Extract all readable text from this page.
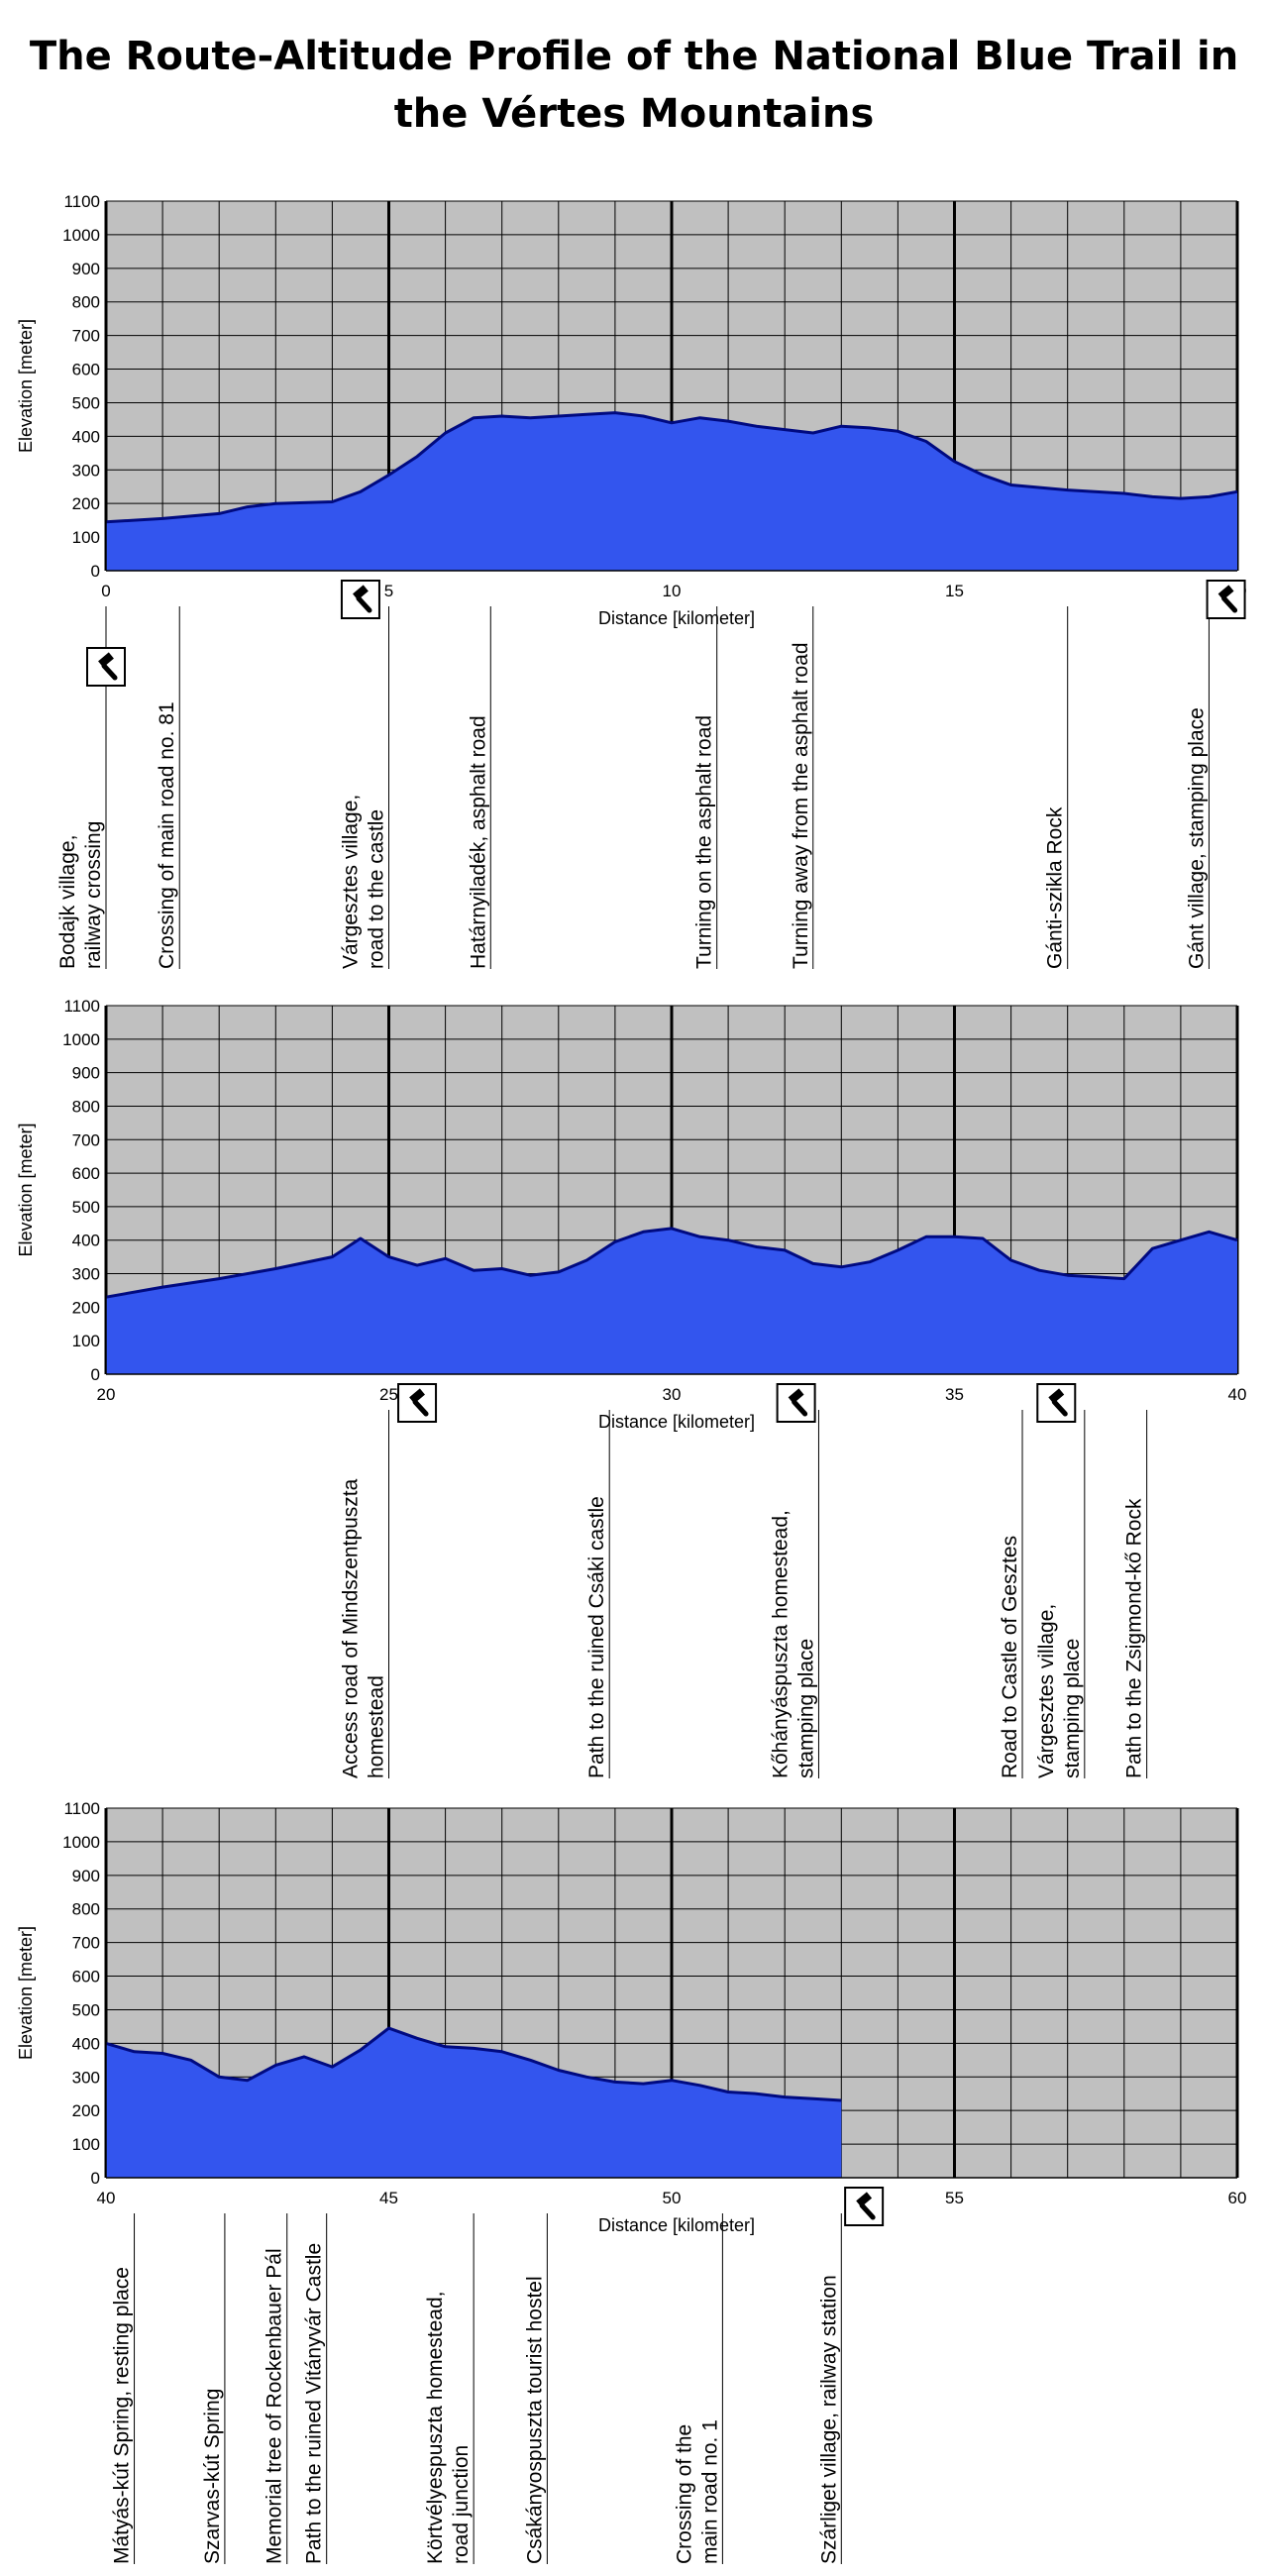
The Route-Altitude Profile of the National Blue Trail in
the Vértes Mountains
0
100
200
300
400
500
600
700
800
900
1000
1100
0	5	10	15
Distance [kilometer]
Elevation [meter]
Bodajk village, railway crossing Crossing of main road no. 81	Várgesztes village, road to the castle	Határnyiladék, asphalt road	Turning on the asphalt road	Turning away from the asphalt road	Gánti-szikla Rock	Gánt village, stamping place
0
100
200
300
400
500
600
700
800
900
1000
1100
20	25	30	35	40
Distance [kilometer]
Elevation [meter]
Access road of Mindszentpuszta homestead	Path to the ruined Csáki castle	Kőhányáspuszta homestead, stamping place	Road to Castle of Gesztes Várgesztes village, stamping place Path to the Zsigmond-kő Rock
0
100
200
300
400
500
600
700
800
900
1000
1100
40	45	50	55	60
Distance [kilometer]
Elevation [meter]
Mátyás-kút Spring, resting place	Szarvas-kút Spring Memorial tree of Rockenbauer Pál Path to the ruined Vitányvár Castle	Körtvélyespuszta homestead, road junction Csákányospuszta tourist hostel	Crossing of the main road no. 1	Szárliget village, railway station
